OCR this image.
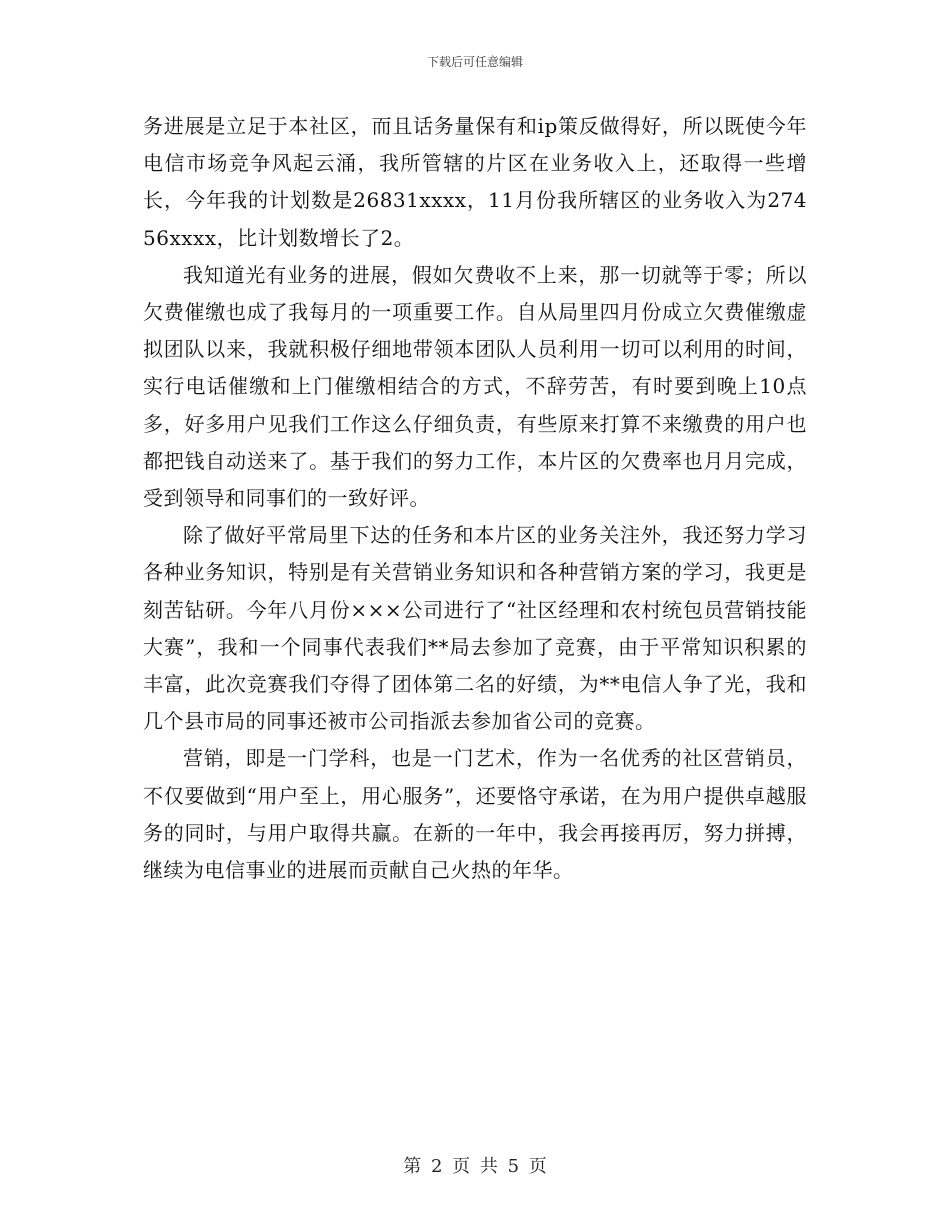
下载后可任意编辑

务进展是立足于本社区，而且话务量保有和ip策反做得好，所以既使今年电信市场竞争风起云涌，我所管辖的片区在业务收入上，还取得一些增长，今年我的计划数是26831xxxx，11月份我所辖区的业务收入为27456xxxx，比计划数增长了2。

我知道光有业务的进展，假如欠费收不上来，那一切就等于零；所以欠费催缴也成了我每月的一项重要工作。自从局里四月份成立欠费催缴虚拟团队以来，我就积极仔细地带领本团队人员利用一切可以利用的时间，实行电话催缴和上门催缴相结合的方式，不辞劳苦，有时要到晚上10点多，好多用户见我们工作这么仔细负责，有些原来打算不来缴费的用户也都把钱自动送来了。基于我们的努力工作，本片区的欠费率也月月完成，受到领导和同事们的一致好评。

除了做好平常局里下达的任务和本片区的业务关注外，我还努力学习各种业务知识，特别是有关营销业务知识和各种营销方案的学习，我更是刻苦钻研。今年八月份×××公司进行了“社区经理和农村统包员营销技能大赛”，我和一个同事代表我们**局去参加了竞赛，由于平常知识积累的丰富，此次竞赛我们夺得了团体第二名的好绩，为**电信人争了光，我和几个县市局的同事还被市公司指派去参加省公司的竞赛。

营销，即是一门学科，也是一门艺术，作为一名优秀的社区营销员，不仅要做到“用户至上，用心服务”，还要恪守承诺，在为用户提供卓越服务的同时，与用户取得共赢。在新的一年中，我会再接再厉，努力拼搏，继续为电信事业的进展而贡献自己火热的年华。

第 2 页 共 5 页
